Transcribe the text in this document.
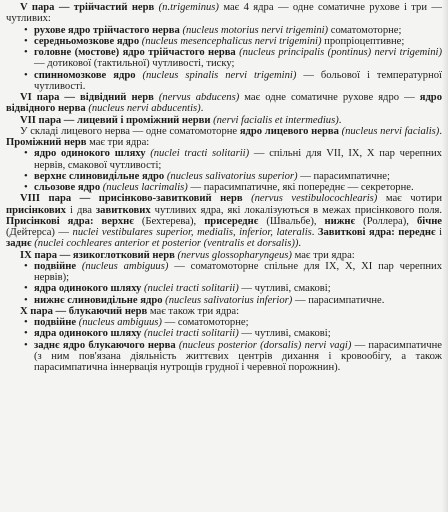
V пара — трійчастий нерв (n.trigeminus) має 4 ядра — одне соматичне рухове і три — чутливих:
• рухове ядро трійчастого нерва (nucleus motorius nervi trigemini) соматомоторне;
• середньомозкове ядро (nucleus mesencephalicus nervi trigemini) пропріоцептивне;
• головне (мостове) ядро трійчастого нерва (nucleus principalis (pontinus) nervi trigemini) — дотикової (тактильної) чутливості, тиску;
• спинномозкове ядро (nucleus spinalis nervi trigemini) — больової і температурної чутливості.
VI пара — відвідний нерв (nervus abducens) має одне соматичне рухове ядро — ядро відвідного нерва (nucleus nervi abducentis).
VII пара — лицевий і проміжний нерви (nervi facialis et intermedius).
У складі лицевого нерва — одне соматомоторне ядро лицевого нерва (nucleus nervi facialis). Проміжний нерв має три ядра:
• ядро одинокого шляху (nuclei tracti solitarii) — спільні для VII, IX, X пар черепних нервів, смакової чутливості;
• верхнє слиновидільне ядро (nucleus salivatorius superior) — парасимпатичне;
• сльозове ядро (nucleus lacrimalis) — парасимпатичне, які попереднє — секреторне.
VIII пара — присінково-завитковий нерв (nervus vestibulocochlearis) має чотири присінкових і два завиткових чутливих ядра, які локалізуються в межах присінкового поля. Присінкові ядра: верхнє (Бехтерева), присереднє (Швальбе), нижнє (Роллера), бічне (Дейтерса) — nuclei vestibulares superior, medialis, inferior, lateralis. Завиткові ядра: переднє і заднє (nuclei cochleares anterior et posterior (ventralis et dorsalis)).
IX пара — язикоглотковий нерв (nervus glossopharyngeus) має три ядра:
• подвійне (nucleus ambiguus) — соматомоторне спільне для IX, X, XI пар черепних нервів);
• ядра одинокого шляху (nuclei tracti solitarii) — чутливі, смакові;
• нижнє слиновидільне ядро (nucleus salivatorius inferior) — парасимпатичне.
X пара — блукаючий нерв має також три ядра:
• подвійне (nucleus ambiguus) — соматомоторне;
• ядра одинокого шляху (nuclei tracti solitarii) — чутливі, смакові;
• заднє ядро блукаючого нерва (nucleus posterior (dorsalis) nervi vagi) — парасимпатичне (з ним пов'язана діяльність життєвих центрів дихання і кровообігу, а також парасимпатична іннервація нутрощів грудної і черевної порожнин).
